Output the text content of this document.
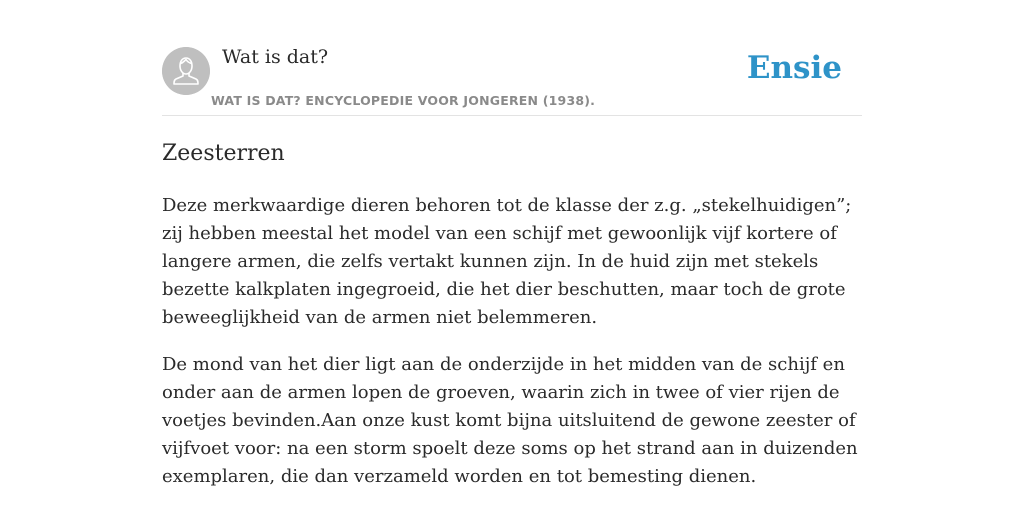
Wat is dat?
WAT IS DAT? ENCYCLOPEDIE VOOR JONGEREN (1938).
Ensie
Zeesterren

Deze merkwaardige dieren behoren tot de klasse der z.g. „stekelhuidigen”; zij hebben meestal het model van een schijf met gewoonlijk vijf kortere of langere armen, die zelfs vertakt kunnen zijn. In de huid zijn met stekels bezette kalkplaten ingegroeid, die het dier beschutten, maar toch de grote beweeglijkheid van de armen niet belemmeren.

De mond van het dier ligt aan de onderzijde in het midden van de schijf en onder aan de armen lopen de groeven, waarin zich in twee of vier rijen de voetjes bevinden.Aan onze kust komt bijna uitsluitend de gewone zeester of vijfvoet voor: na een storm spoelt deze soms op het strand aan in duizenden exemplaren, die dan verzameld worden en tot bemesting dienen.
